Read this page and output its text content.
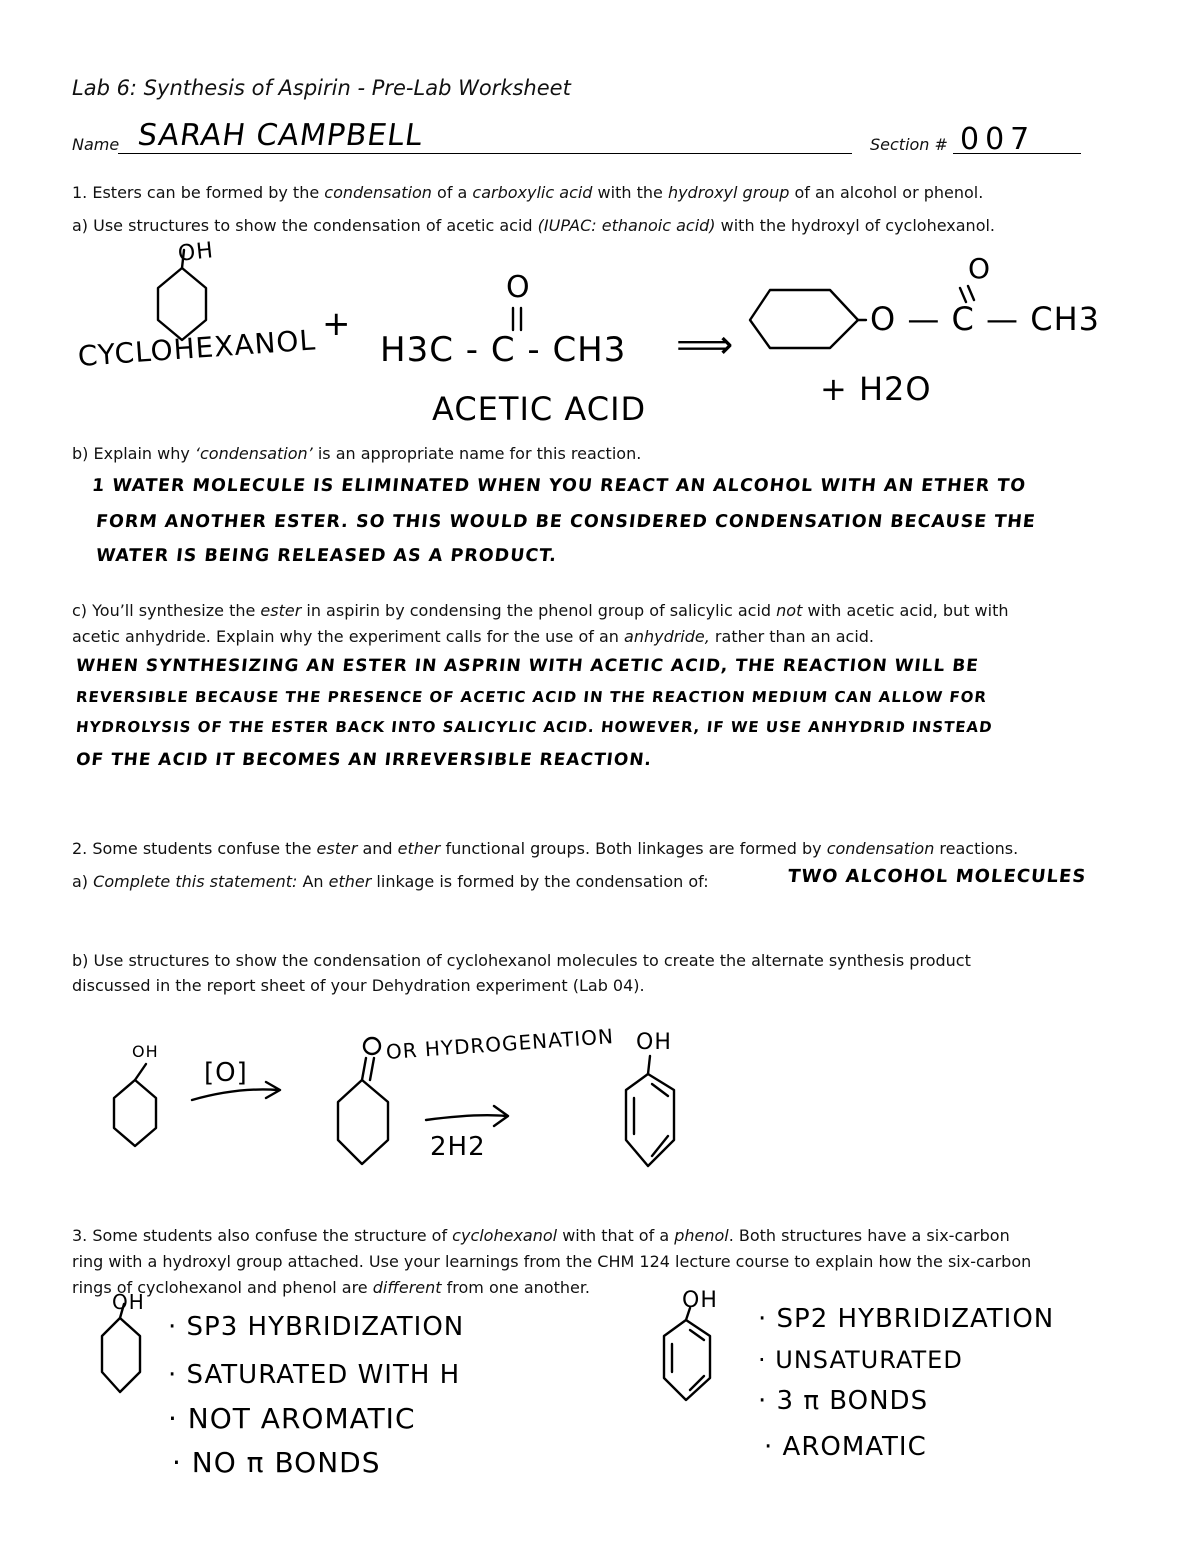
Lab 6: Synthesis of Aspirin - Pre-Lab Worksheet
Name SARAH CAMPBELL	Section # 007
1. Esters can be formed by the condensation of a carboxylic acid with the hydroxyl group of an alcohol or phenol.
a) Use structures to show the condensation of acetic acid (IUPAC: ethanoic acid) with the hydroxyl of cyclohexanol.
OH
CYCLOHEXANOL +
O
H3C - C - CH3
ACETIC ACID
⟹
O
O — C — CH3
+ H2O
b) Explain why ‘condensation’ is an appropriate name for this reaction.
1 WATER MOLECULE IS ELIMINATED WHEN YOU REACT AN ALCOHOL WITH AN ETHER TO
FORM ANOTHER ESTER. SO THIS WOULD BE CONSIDERED CONDENSATION BECAUSE THE
WATER IS BEING RELEASED AS A PRODUCT.
c) You’ll synthesize the ester in aspirin by condensing the phenol group of salicylic acid not with acetic acid, but with
acetic anhydride. Explain why the experiment calls for the use of an anhydride, rather than an acid.
WHEN SYNTHESIZING AN ESTER IN ASPRIN WITH ACETIC ACID, THE REACTION WILL BE
REVERSIBLE BECAUSE THE PRESENCE OF ACETIC ACID IN THE REACTION MEDIUM CAN ALLOW FOR
HYDROLYSIS OF THE ESTER BACK INTO SALICYLIC ACID. HOWEVER, IF WE USE ANHYDRID INSTEAD
OF THE ACID IT BECOMES AN IRREVERSIBLE REACTION.
2. Some students confuse the ester and ether functional groups. Both linkages are formed by condensation reactions.
a) Complete this statement: An ether linkage is formed by the condensation of:	TWO ALCOHOL MOLECULES
b) Use structures to show the condensation of cyclohexanol molecules to create the alternate synthesis product
discussed in the report sheet of your Dehydration experiment (Lab 04).
OH
[O]
OR HYDROGENATION
2H2
OH
3. Some students also confuse the structure of cyclohexanol with that of a phenol. Both structures have a six-carbon
ring with a hydroxyl group attached. Use your learnings from the CHM 124 lecture course to explain how the six-carbon
rings of cyclohexanol and phenol are different from one another.
OH
· SP3 HYBRIDIZATION
· SATURATED WITH H
· NOT AROMATIC
· NO π BONDS
OH
· SP2 HYBRIDIZATION
· UNSATURATED
· 3 π BONDS
· AROMATIC
